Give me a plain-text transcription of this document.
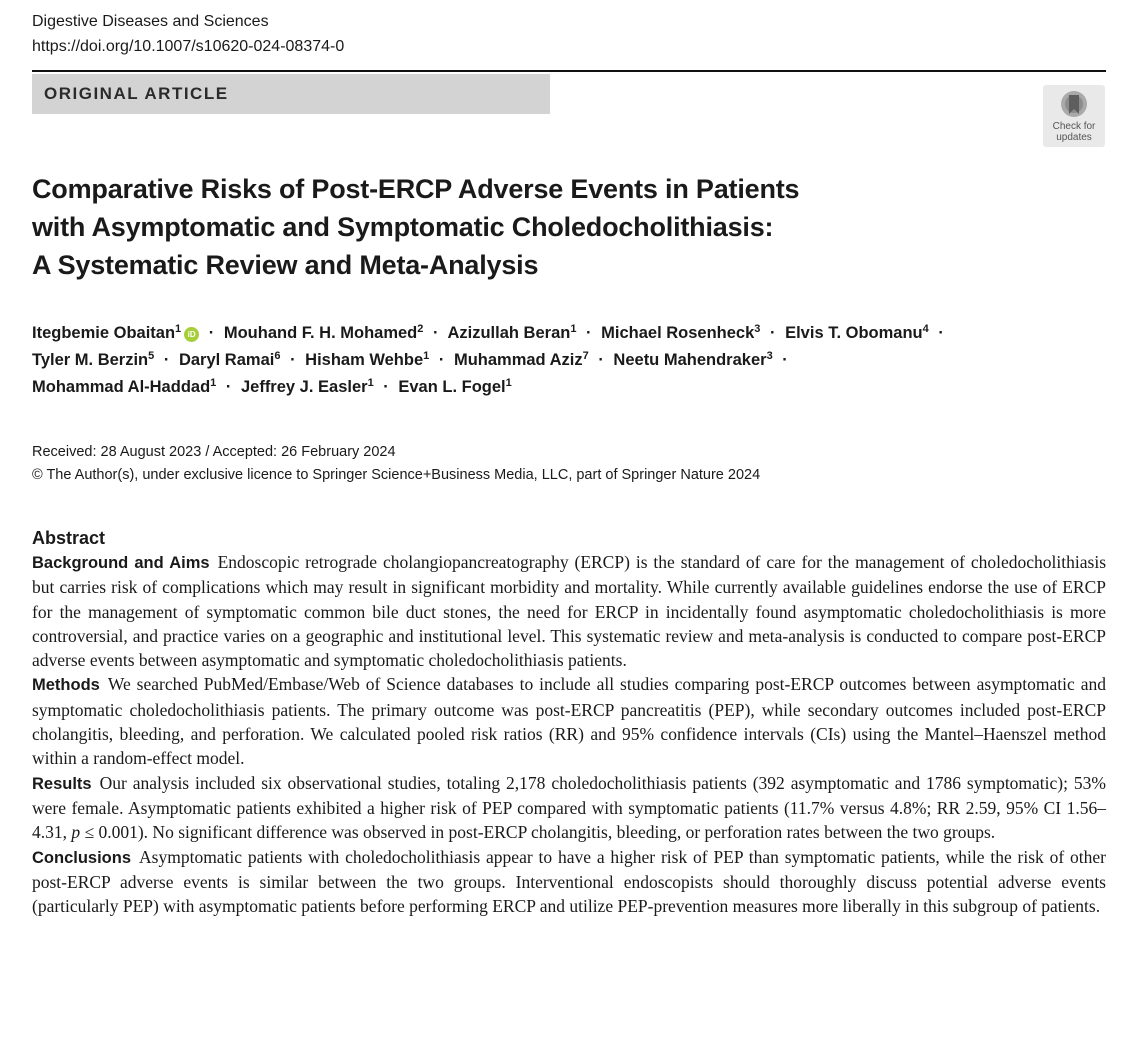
Digestive Diseases and Sciences
https://doi.org/10.1007/s10620-024-08374-0
ORIGINAL ARTICLE
Check for
updates
Comparative Risks of Post-ERCP Adverse Events in Patients
with Asymptomatic and Symptomatic Choledocholithiasis:
A Systematic Review and Meta-Analysis
Itegbemie Obaitan$^1$ iD · Mouhand F. H. Mohamed$^2$ · Azizullah Beran$^1$ · Michael Rosenheck$^3$ · Elvis T. Obomanu$^4$ ·
Tyler M. Berzin$^5$ · Daryl Ramai$^6$ · Hisham Wehbe$^1$ · Muhammad Aziz$^7$ · Neetu Mahendraker$^3$ ·
Mohammad Al-Haddad$^1$ · Jeffrey J. Easler$^1$ · Evan L. Fogel$^1$
Received: 28 August 2023 / Accepted: 26 February 2024
© The Author(s), under exclusive licence to Springer Science+Business Media, LLC, part of Springer Nature 2024
Abstract

Background and Aims Endoscopic retrograde cholangiopancreatography (ERCP) is the standard of care for the management of choledocholithiasis but carries risk of complications which may result in significant morbidity and mortality. While currently available guidelines endorse the use of ERCP for the management of symptomatic common bile duct stones, the need for ERCP in incidentally found asymptomatic choledocholithiasis is more controversial, and practice varies on a geographic and institutional level. This systematic review and meta-analysis is conducted to compare post-ERCP adverse events between asymptomatic and symptomatic choledocholithiasis patients.

Methods We searched PubMed/Embase/Web of Science databases to include all studies comparing post-ERCP outcomes between asymptomatic and symptomatic choledocholithiasis patients. The primary outcome was post-ERCP pancreatitis (PEP), while secondary outcomes included post-ERCP cholangitis, bleeding, and perforation. We calculated pooled risk ratios (RR) and 95% confidence intervals (CIs) using the Mantel–Haenszel method within a random-effect model.

Results Our analysis included six observational studies, totaling 2,178 choledocholithiasis patients (392 asymptomatic and 1786 symptomatic); 53% were female. Asymptomatic patients exhibited a higher risk of PEP compared with symptomatic patients (11.7% versus 4.8%; RR 2.59, 95% CI 1.56–4.31, p ≤ 0.001). No significant difference was observed in post-ERCP cholangitis, bleeding, or perforation rates between the two groups.

Conclusions Asymptomatic patients with choledocholithiasis appear to have a higher risk of PEP than symptomatic patients, while the risk of other post-ERCP adverse events is similar between the two groups. Interventional endoscopists should thoroughly discuss potential adverse events (particularly PEP) with asymptomatic patients before performing ERCP and utilize PEP-prevention measures more liberally in this subgroup of patients.
